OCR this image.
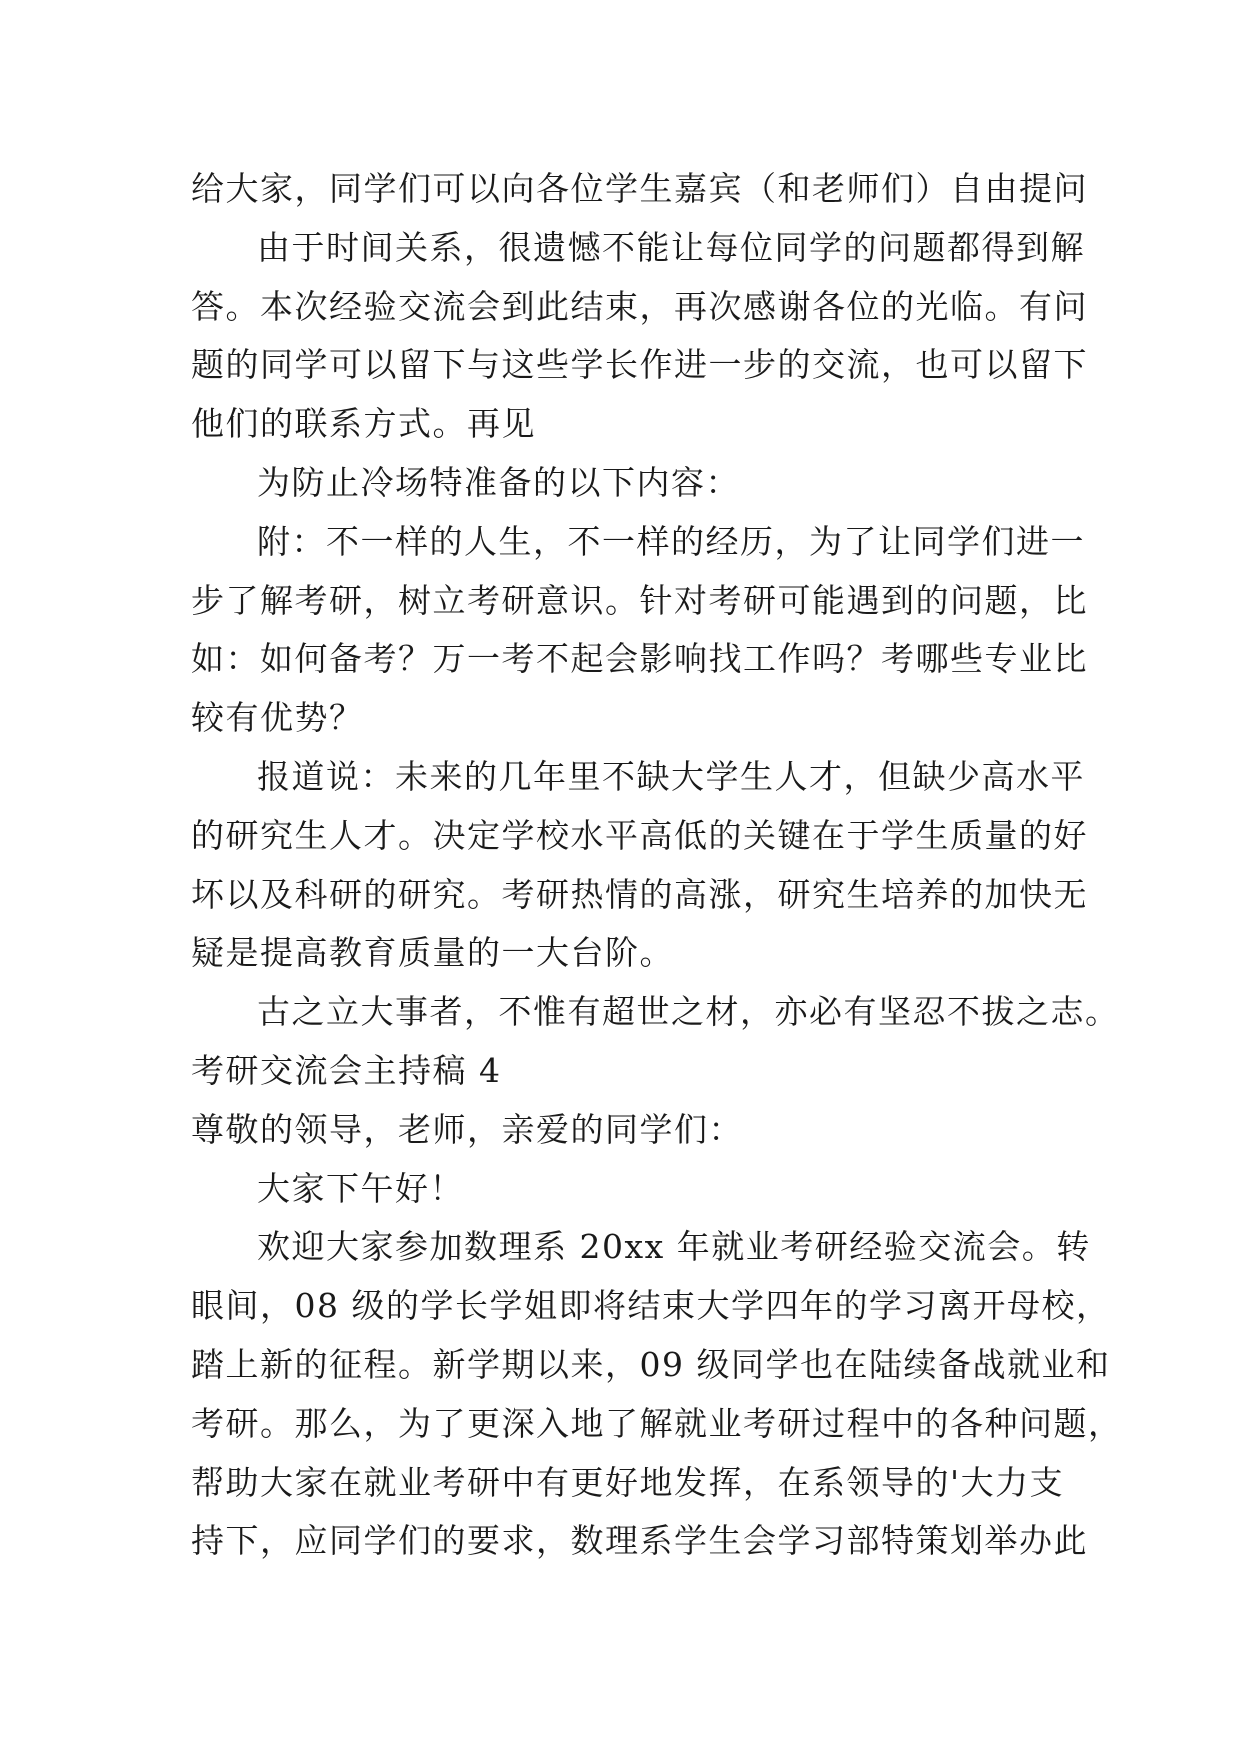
给大家，同学们可以向各位学生嘉宾（和老师们）自由提问
由于时间关系，很遗憾不能让每位同学的问题都得到解
答。本次经验交流会到此结束，再次感谢各位的光临。有问
题的同学可以留下与这些学长作进一步的交流，也可以留下
他们的联系方式。再见
为防止冷场特准备的以下内容：
附：不一样的人生，不一样的经历，为了让同学们进一
步了解考研，树立考研意识。针对考研可能遇到的问题，比
如：如何备考？万一考不起会影响找工作吗？考哪些专业比
较有优势？
报道说：未来的几年里不缺大学生人才，但缺少高水平
的研究生人才。决定学校水平高低的关键在于学生质量的好
坏以及科研的研究。考研热情的高涨，研究生培养的加快无
疑是提高教育质量的一大台阶。
古之立大事者，不惟有超世之材，亦必有坚忍不拔之志。
考研交流会主持稿 4
尊敬的领导，老师，亲爱的同学们：
大家下午好！
欢迎大家参加数理系 20xx 年就业考研经验交流会。转
眼间，08 级的学长学姐即将结束大学四年的学习离开母校，
踏上新的征程。新学期以来，09 级同学也在陆续备战就业和
考研。那么，为了更深入地了解就业考研过程中的各种问题，
帮助大家在就业考研中有更好地发挥，在系领导的'大力支
持下，应同学们的要求，数理系学生会学习部特策划举办此
